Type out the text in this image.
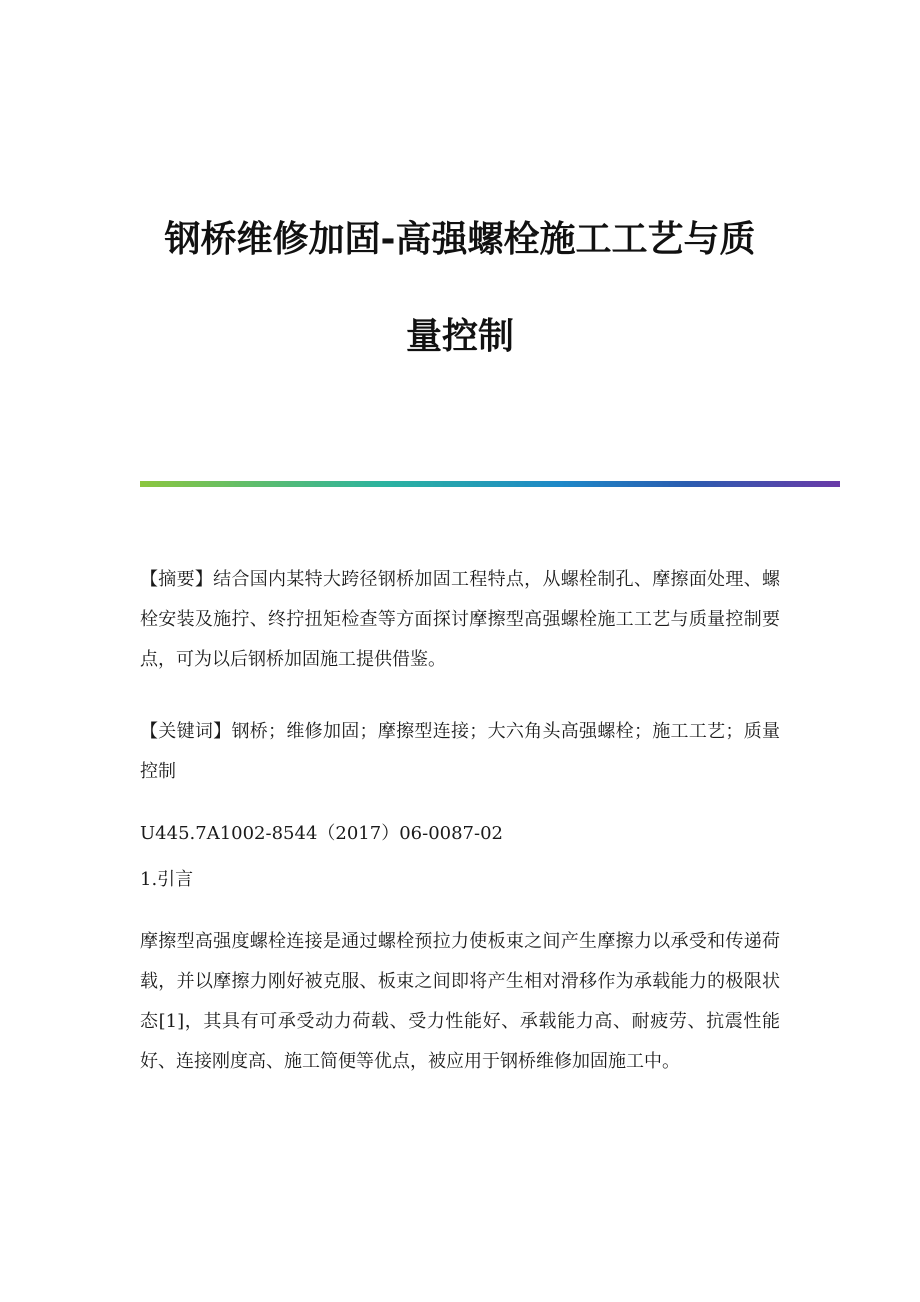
钢桥维修加固-高强螺栓施工工艺与质
量控制

【摘要】结合国内某特大跨径钢桥加固工程特点，从螺栓制孔、摩擦面处理、螺栓安装及施拧、终拧扭矩检查等方面探讨摩擦型高强螺栓施工工艺与质量控制要点，可为以后钢桥加固施工提供借鉴。

【关键词】钢桥；维修加固；摩擦型连接；大六角头高强螺栓；施工工艺；质量控制

U445.7A1002-8544（2017）06-0087-02

1.引言

摩擦型高强度螺栓连接是通过螺栓预拉力使板束之间产生摩擦力以承受和传递荷载，并以摩擦力刚好被克服、板束之间即将产生相对滑移作为承载能力的极限状态[1]，其具有可承受动力荷载、受力性能好、承载能力高、耐疲劳、抗震性能好、连接刚度高、施工简便等优点，被应用于钢桥维修加固施工中。
